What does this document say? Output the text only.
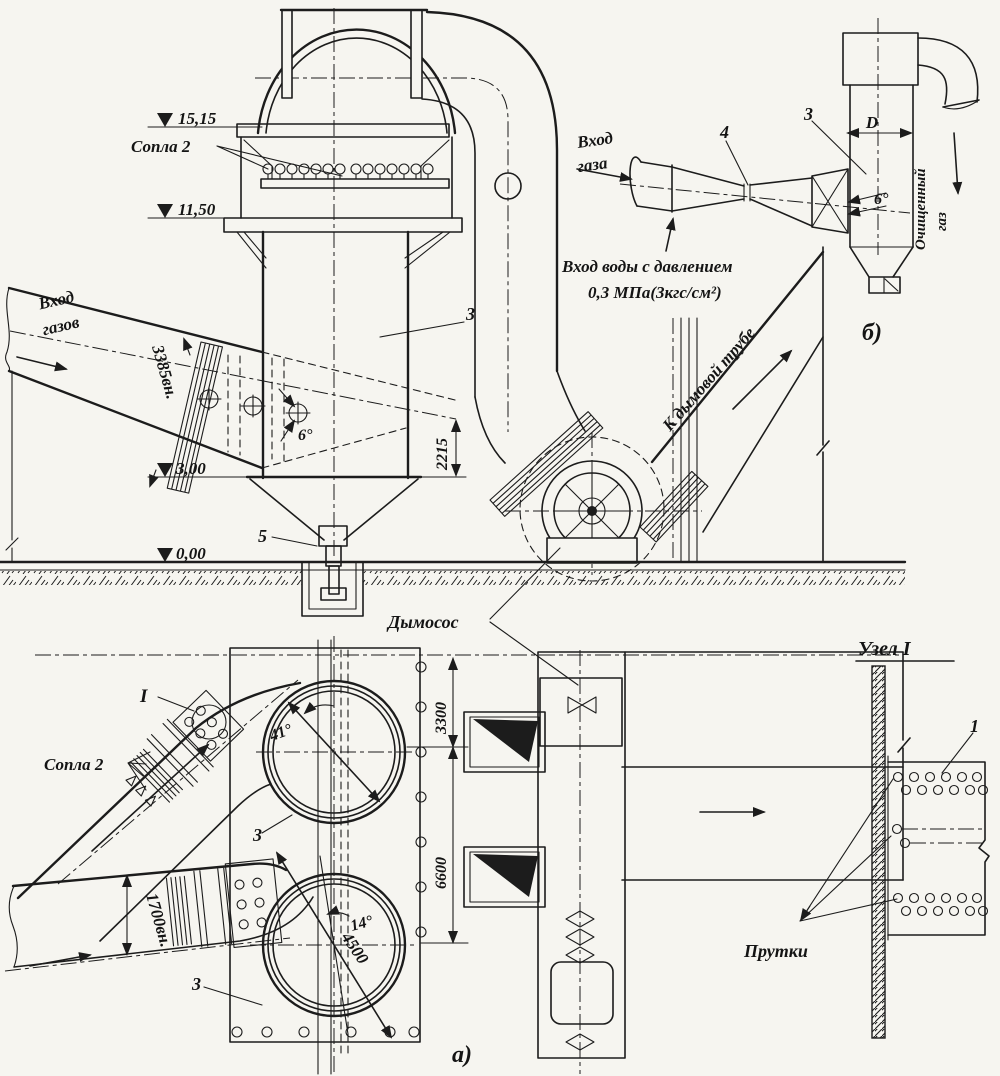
15,15
11,50
3,00
0,00
Сопла 2
Вход
газов
3385вн.
6°
2215
3
5
Дымосос
К дымовой трубе
Вход
газа
4
3	D
6° Очищенный газ
Вход воды с давлением
0,3 МПа(3кгс/см²)
б)
I
Сопла 2
41°
14°
4500
3300
6600
1700вн.
3
3
а)
Узел I
1
Прутки
